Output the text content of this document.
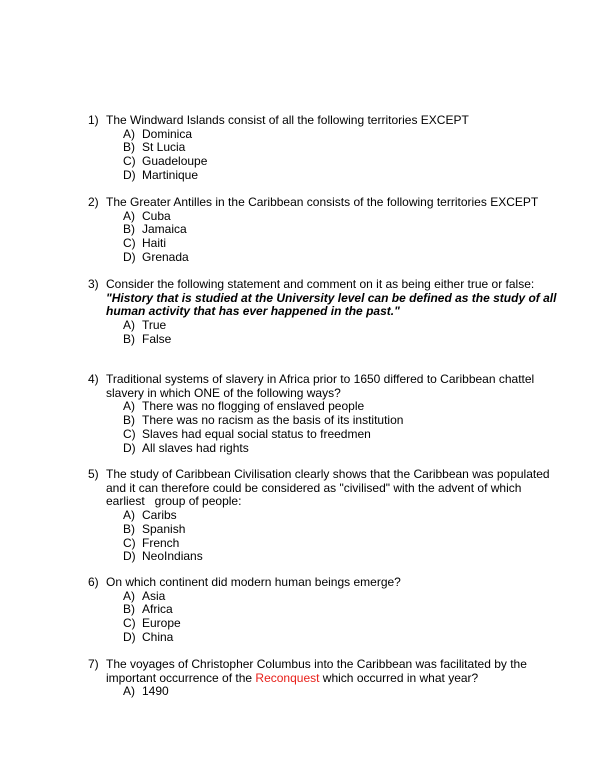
1) The Windward Islands consist of all the following territories EXCEPT
A) Dominica
B) St Lucia
C) Guadeloupe
D) Martinique
2) The Greater Antilles in the Caribbean consists of the following territories EXCEPT
A) Cuba
B) Jamaica
C) Haiti
D) Grenada
3) Consider the following statement and comment on it as being either true or false:
"History that is studied at the University level can be defined as the study of all human activity that has ever happened in the past."
A) True
B) False
4) Traditional systems of slavery in Africa prior to 1650 differed to Caribbean chattel slavery in which ONE of the following ways?
A) There was no flogging of enslaved people
B) There was no racism as the basis of its institution
C) Slaves had equal social status to freedmen
D) All slaves had rights
5) The study of Caribbean Civilisation clearly shows that the Caribbean was populated and it can therefore could be considered as "civilised" with the advent of which earliest   group of people:
A) Caribs
B) Spanish
C) French
D) NeoIndians
6) On which continent did modern human beings emerge?
A) Asia
B) Africa
C) Europe
D) China
7) The voyages of Christopher Columbus into the Caribbean was facilitated by the important occurrence of the Reconquest which occurred in what year?
A) 1490
